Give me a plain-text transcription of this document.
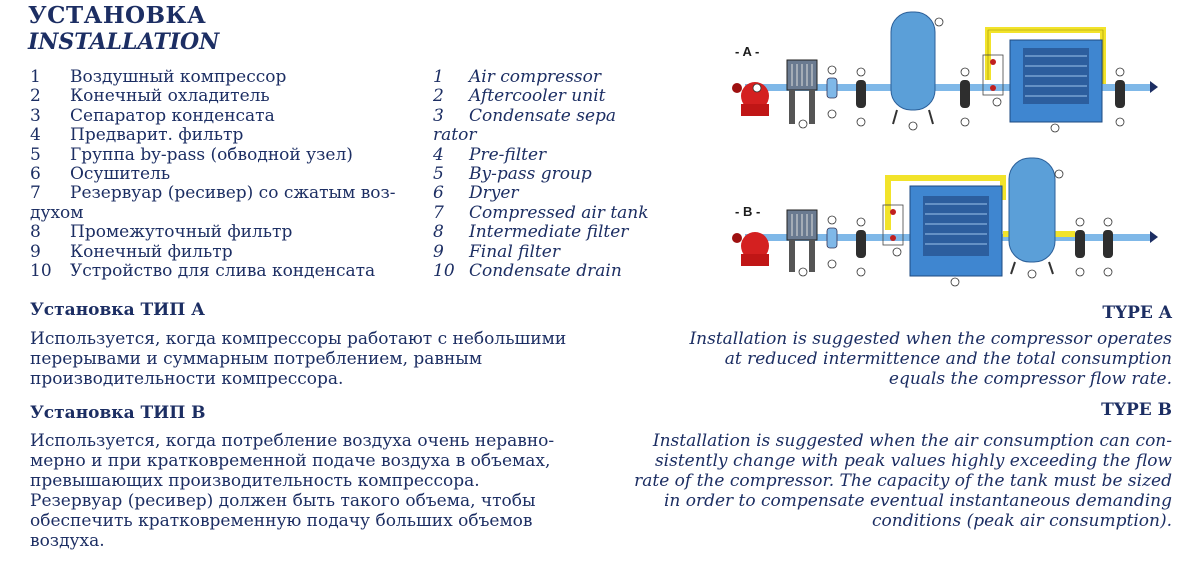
УСТАНОВКА
INSTALLATION
1 Воздушный компрессор
2 Конечный охладитель
3 Сепаратор конденсата
4 Предварит. фильтр
5 Группа by-pass (обводной узел)
6 Осушитель
7 Резервуар (ресивер) со сжатым воз-
духом
8 Промежуточный фильтр
9 Конечный фильтр
10 Устройство для слива конденсата
1 Air compressor
2 Aftercooler unit
3 Condensate sepa
rator
4 Pre-filter
5 By-pass group
6 Dryer
7 Compressed air tank
8 Intermediate filter
9 Final filter
10 Condensate drain
- A -
- B -
Установка ТИП А
Используется, когда компрессоры работают с небольшими
перерывами и суммарным потреблением, равным
производительности компрессора.
TYPE A
Installation is suggested when the compressor operates
at reduced intermittence and the total consumption
equals the compressor flow rate.
Установка ТИП В
Используется, когда потребление воздуха очень неравно-
мерно и при кратковременной подаче воздуха в объемах,
превышающих производительность компрессора.
Резервуар (ресивер) должен быть такого объема, чтобы
обеспечить кратковременную подачу больших объемов
воздуха.
TYPE B
Installation is suggested when the air consumption can con-
sistently change with peak values highly exceeding the flow
rate of the compressor. The capacity of the tank must be sized
in order to compensate eventual instantaneous demanding
conditions (peak air consumption).
